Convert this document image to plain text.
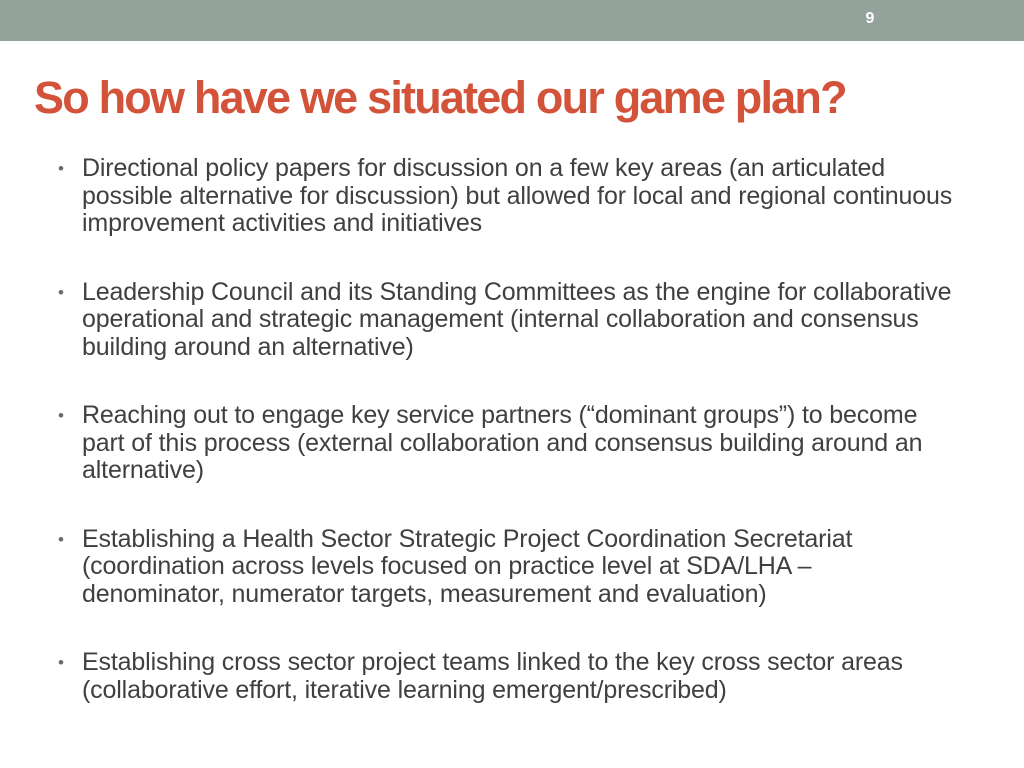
9
So how have we situated our game plan?
• Directional policy papers for discussion on a few key areas (an articulated possible alternative for discussion) but allowed for local and regional continuous improvement activities and initiatives
• Leadership Council and its Standing Committees as the engine for collaborative operational and strategic management (internal collaboration and consensus building around an alternative)
• Reaching out to engage key service partners (“dominant groups”) to become part of this process (external collaboration and consensus building around an alternative)
• Establishing a Health Sector Strategic Project Coordination Secretariat (coordination across levels focused on practice level at SDA/LHA – denominator, numerator targets, measurement and evaluation)
• Establishing cross sector project teams linked to the key cross sector areas (collaborative effort, iterative learning emergent/prescribed)
